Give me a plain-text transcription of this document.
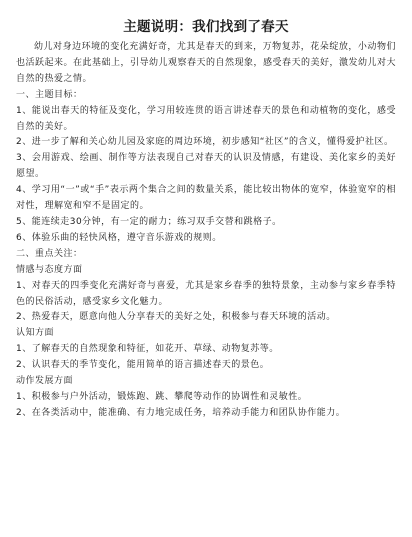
主题说明：我们找到了春天

幼儿对身边环境的变化充满好奇，尤其是春天的到来，万物复苏，花朵绽放，小动物们也活跃起来。在此基础上，引导幼儿观察春天的自然现象，感受春天的美好，激发幼儿对大自然的热爱之情。

一、主题目标：

1、能说出春天的特征及变化，学习用较连贯的语言讲述春天的景色和动植物的变化，感受自然的美好。

2、进一步了解和关心幼儿园及家庭的周边环境，初步感知“社区”的含义，懂得爱护社区。

3、会用游戏、绘画、制作等方法表现自己对春天的认识及情感，有建设、美化家乡的美好愿望。

4、学习用“一”或“手”表示两个集合之间的数量关系，能比较出物体的宽窄，体验宽窄的相对性，理解宽和窄不是固定的。

5、能连续走30分钟，有一定的耐力；练习双手交替和跳格子。

6、体验乐曲的轻快风格，遵守音乐游戏的规则。

二、重点关注：

情感与态度方面

1、对春天的四季变化充满好奇与喜爱，尤其是家乡春季的独特景象，主动参与家乡春季特色的民俗活动，感受家乡文化魅力。

2、热爱春天，愿意向他人分享春天的美好之处，积极参与春天环境的活动。

认知方面

1、了解春天的自然现象和特征，如花开、草绿、动物复苏等。

2、认识春天的季节变化，能用简单的语言描述春天的景色。

动作发展方面

1、积极参与户外活动，锻炼跑、跳、攀爬等动作的协调性和灵敏性。

2、在各类活动中，能准确、有力地完成任务，培养动手能力和团队协作能力。
